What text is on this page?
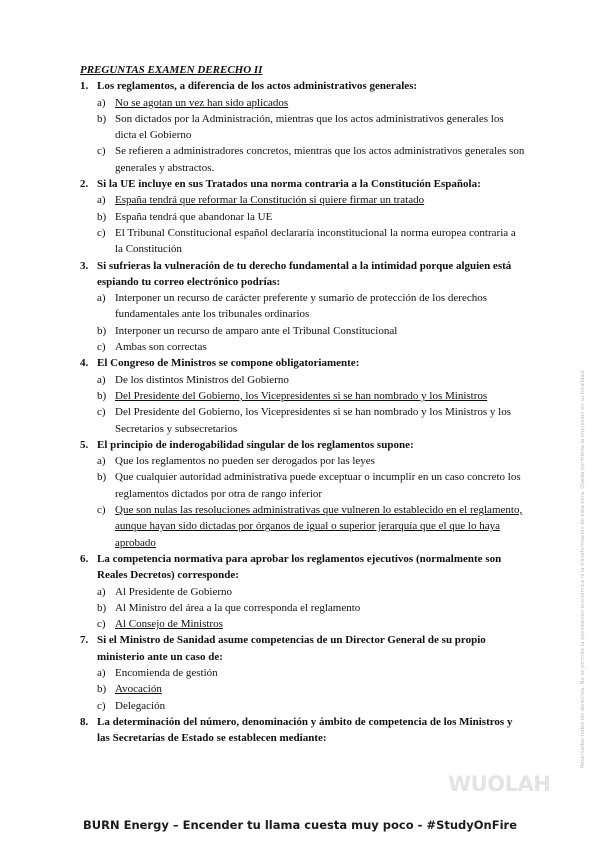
PREGUNTAS EXAMEN DERECHO II
1. Los reglamentos, a diferencia de los actos administrativos generales:
a) No se agotan un vez han sido aplicados
b) Son dictados por la Administración, mientras que los actos administrativos generales los dicta el Gobierno
c) Se refieren a administradores concretos, mientras que los actos administrativos generales son generales y abstractos.
2. Si la UE incluye en sus Tratados una norma contraria a la Constitución Española:
a) España tendrá que reformar la Constitución si quiere firmar un tratado
b) España tendrá que abandonar la UE
c) El Tribunal Constitucional español declararía inconstitucional la norma europea contraria a la Constitución
3. Si sufrieras la vulneración de tu derecho fundamental a la intimidad porque alguien está espiando tu correo electrónico podrías:
a) Interponer un recurso de carácter preferente y sumario de protección de los derechos fundamentales ante los tribunales ordinarios
b) Interponer un recurso de amparo ante el Tribunal Constitucional
c) Ambas son correctas
4. El Congreso de Ministros se compone obligatoriamente:
a) De los distintos Ministros del Gobierno
b) Del Presidente del Gobierno, los Vicepresidentes si se han nombrado y los Ministros
c) Del Presidente del Gobierno, los Vicepresidentes si se han nombrado y los Ministros y los Secretarios y subsecretarios
5. El principio de inderogabilidad singular de los reglamentos supone:
a) Que los reglamentos no pueden ser derogados por las leyes
b) Que cualquier autoridad administrativa puede exceptuar o incumplir en un caso concreto los reglamentos dictados por otra de rango inferior
c) Que son nulas las resoluciones administrativas que vulneren lo establecido en el reglamento, aunque hayan sido dictadas por órganos de igual o superior jerarquía que el que lo haya aprobado
6. La competencia normativa para aprobar los reglamentos ejecutivos (normalmente son Reales Decretos) corresponde:
a) Al Presidente de Gobierno
b) Al Ministro del área a la que corresponda el reglamento
c) Al Consejo de Ministros
7. Si el Ministro de Sanidad asume competencias de un Director General de su propio ministerio ante un caso de:
a) Encomienda de gestión
b) Avocación
c) Delegación
8. La determinación del número, denominación y ámbito de competencia de los Ministros y las Secretarías de Estado se establecen mediante:	Reservados todos los derechos. No se permite la explotación económica ni la transformación de esta obra. Queda permitida la impresión en su totalidad.
WUOLAH
BURN Energy – Encender tu llama cuesta muy poco - #StudyOnFire
